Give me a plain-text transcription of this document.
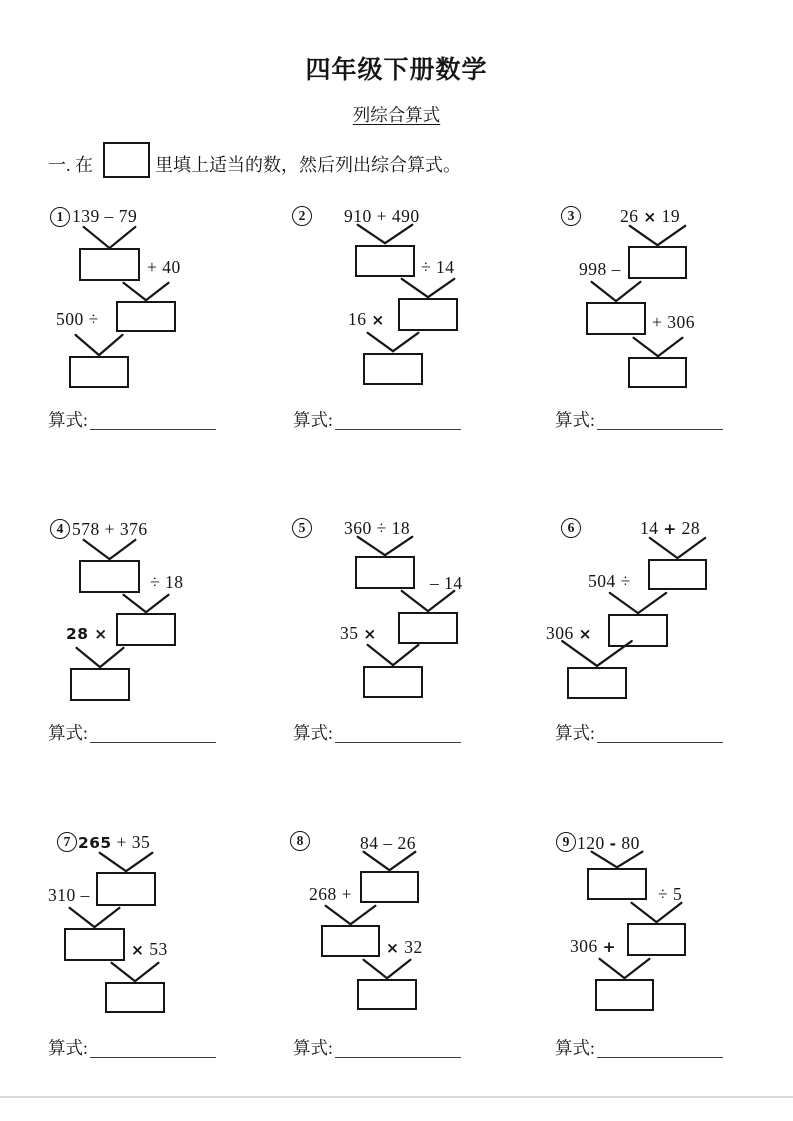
四年级下册数学
列综合算式
一. 在	里填上适当的数，然后列出综合算式。
1 139 – 79
+ 40
500 ÷
算式:
2	910 + 490
÷ 14
16 ×
算式:
3	26 × 19
998 –
+ 306
算式:
4 578 + 376
÷ 18
28 ×
算式:
5	360 ÷ 18
– 14
35 ×
算式:
6	14 + 28
504 ÷
306 ×
算式:
7 265 + 35
310 –
× 53
算式:
8	84 – 26
268 +
× 32
算式:
9 120 - 80
÷ 5
306 +
算式:
